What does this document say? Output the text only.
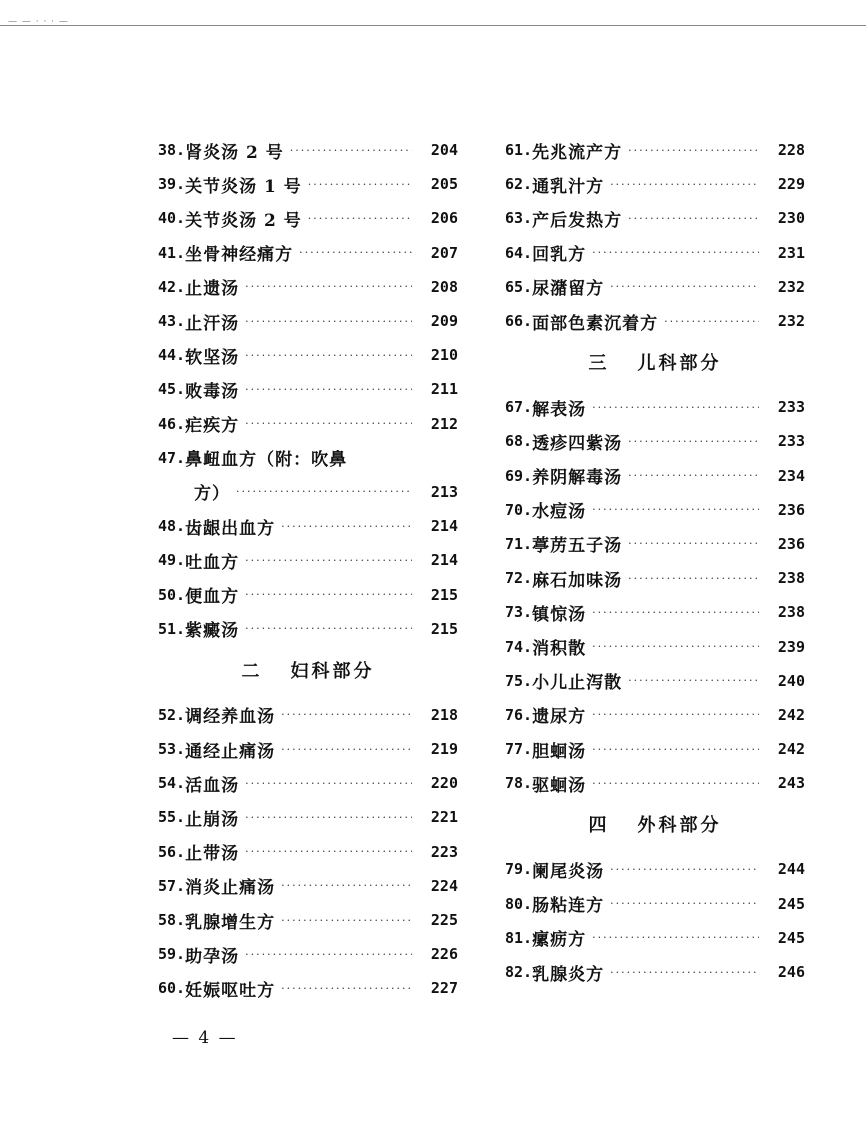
— — · · · —
38. 肾炎汤 2 号 ·····	204
39. 关节炎汤 1 号 ·····	205
40. 关节炎汤 2 号 ·····	206
41. 坐骨神经痛方 ·····	207
42. 止遗汤 ·····	208
43. 止汗汤 ·····	209
44. 软坚汤 ·····	210
45. 败毒汤 ·····	211
46. 疟疾方 ·····	212
47. 鼻衄血方（附：吹鼻
方） ·····	213
48. 齿龈出血方 ·····	214
49. 吐血方 ·····	214
50. 便血方 ·····	215
51. 紫癜汤 ·····	215
二 妇科部分
52. 调经养血汤 ·····	218
53. 通经止痛汤 ·····	219
54. 活血汤 ·····	220
55. 止崩汤 ·····	221
56. 止带汤 ·····	223
57. 消炎止痛汤 ·····	224
58. 乳腺增生方 ·····	225
59. 助孕汤 ·····	226
60. 妊娠呕吐方 ·····	227
61. 先兆流产方 ·····	228
62. 通乳汁方 ·····	229
63. 产后发热方 ·····	230
64. 回乳方 ·····	231
65. 尿潴留方 ·····	232
66. 面部色素沉着方 ·····	232
三 儿科部分
67. 解表汤 ·····	233
68. 透疹四紫汤 ·····	233
69. 养阴解毒汤 ·····	234
70. 水痘汤 ·····	236
71. 葶苈五子汤 ·····	236
72. 麻石加味汤 ·····	238
73. 镇惊汤 ·····	238
74. 消积散 ·····	239
75. 小儿止泻散 ·····	240
76. 遗尿方 ·····	242
77. 胆蛔汤 ·····	242
78. 驱蛔汤 ·····	243
四 外科部分
79. 阑尾炎汤 ·····	244
80. 肠粘连方 ·····	245
81. 瘰疬方 ·····	245
82. 乳腺炎方 ·····	246
— 4 —
